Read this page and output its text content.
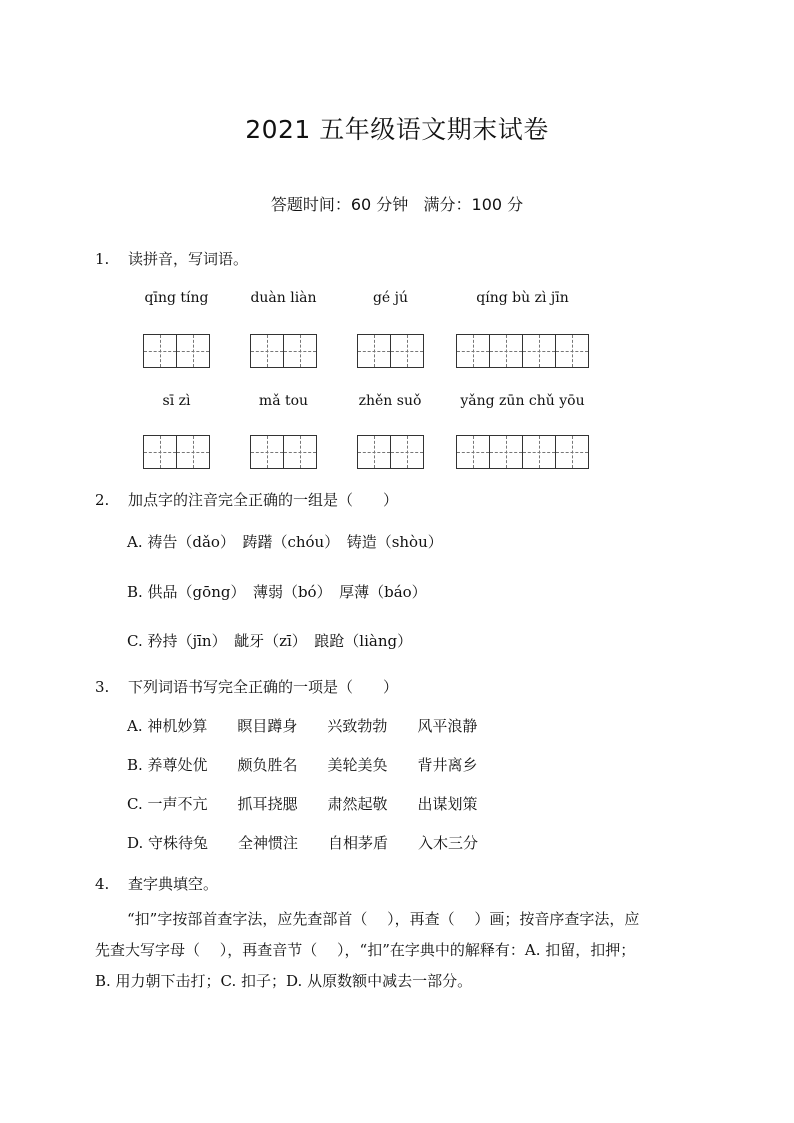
2021 五年级语文期末试卷
答题时间：60 分钟   满分：100 分
1. 读拼音，写词语。
qīng tíng	duàn liàn	gé jú	qíng bù zì jīn
sī zì	mǎ tou	zhěn suǒ	yǎng zūn chǔ yōu
2. 加点字的注音完全正确的一组是（　　）
A. 祷告（dǎo）　踌躇（chóu）　铸造（shòu）
B. 供品（gōng）　薄弱（bó）　厚薄（báo）
C. 矜持（jīn）　龇牙（zī）　踉跄（liàng）
3. 下列词语书写完全正确的一项是（　　）
A. 神机妙算　　瞑目蹲身　　兴致勃勃　　风平浪静
B. 养尊处优　　颇负胜名　　美轮美奂　　背井离乡
C. 一声不亢　　抓耳挠腮　　肃然起敬　　出谋划策
D. 守株待兔　　全神惯注　　自相茅盾　　入木三分
4. 查字典填空。
“扣”字按部首查字法，应先查部首（　 ），再查（　 ）画；按音序查字法，应
先查大写字母（　 ），再查音节（　 ），“扣”在字典中的解释有：A. 扣留，扣押；
B. 用力朝下击打；C. 扣子；D. 从原数额中减去一部分。
